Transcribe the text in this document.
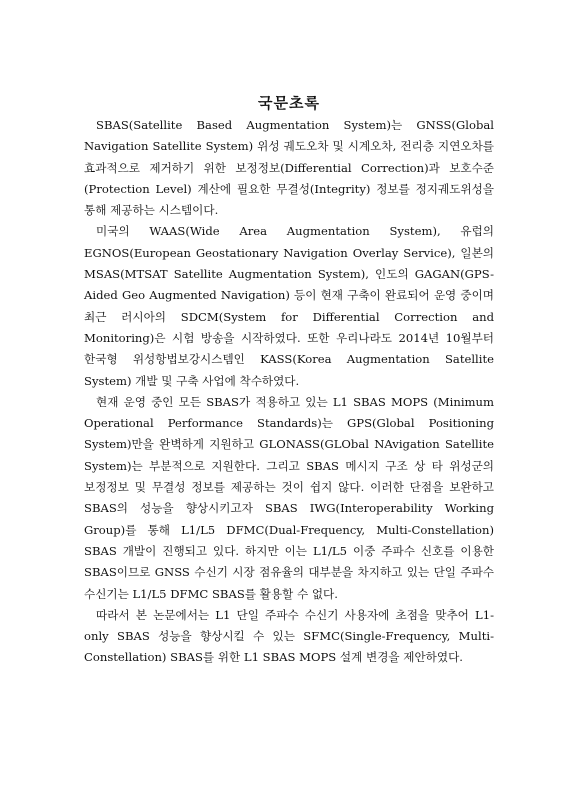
국문초록

SBAS(Satellite Based Augmentation System)는 GNSS(Global Navigation Satellite System) 위성 궤도오차 및 시계오차, 전리층 지연오차를 효과적으로 제거하기 위한 보정정보(Differential Correction)과 보호수준(Protection Level) 계산에 필요한 무결성(Integrity) 정보를 정지궤도위성을 통해 제공하는 시스템이다.

미국의 WAAS(Wide Area Augmentation System), 유럽의 EGNOS(European Geostationary Navigation Overlay Service), 일본의 MSAS(MTSAT Satellite Augmentation System), 인도의 GAGAN(GPS-Aided Geo Augmented Navigation) 등이 현재 구축이 완료되어 운영 중이며 최근 러시아의 SDCM(System for Differential Correction and Monitoring)은 시험 방송을 시작하였다. 또한 우리나라도 2014년 10월부터 한국형 위성항법보강시스템인 KASS(Korea Augmentation Satellite System) 개발 및 구축 사업에 착수하였다.

현재 운영 중인 모든 SBAS가 적용하고 있는 L1 SBAS MOPS (Minimum Operational Performance Standards)는 GPS(Global Positioning System)만을 완벽하게 지원하고 GLONASS(GLObal NAvigation Satellite System)는 부분적으로 지원한다. 그리고 SBAS 메시지 구조 상 타 위성군의 보정정보 및 무결성 정보를 제공하는 것이 쉽지 않다. 이러한 단점을 보완하고 SBAS의 성능을 향상시키고자 SBAS IWG(Interoperability Working Group)를 통해 L1/L5 DFMC(Dual-Frequency, Multi-Constellation) SBAS 개발이 진행되고 있다. 하지만 이는 L1/L5 이중 주파수 신호를 이용한 SBAS이므로 GNSS 수신기 시장 점유율의 대부분을 차지하고 있는 단일 주파수 수신기는 L1/L5 DFMC SBAS를 활용할 수 없다.

따라서 본 논문에서는 L1 단일 주파수 수신기 사용자에 초점을 맞추어 L1-only SBAS 성능을 향상시킬 수 있는 SFMC(Single-Frequency, Multi-Constellation) SBAS를 위한 L1 SBAS MOPS 설계 변경을 제안하였다.
